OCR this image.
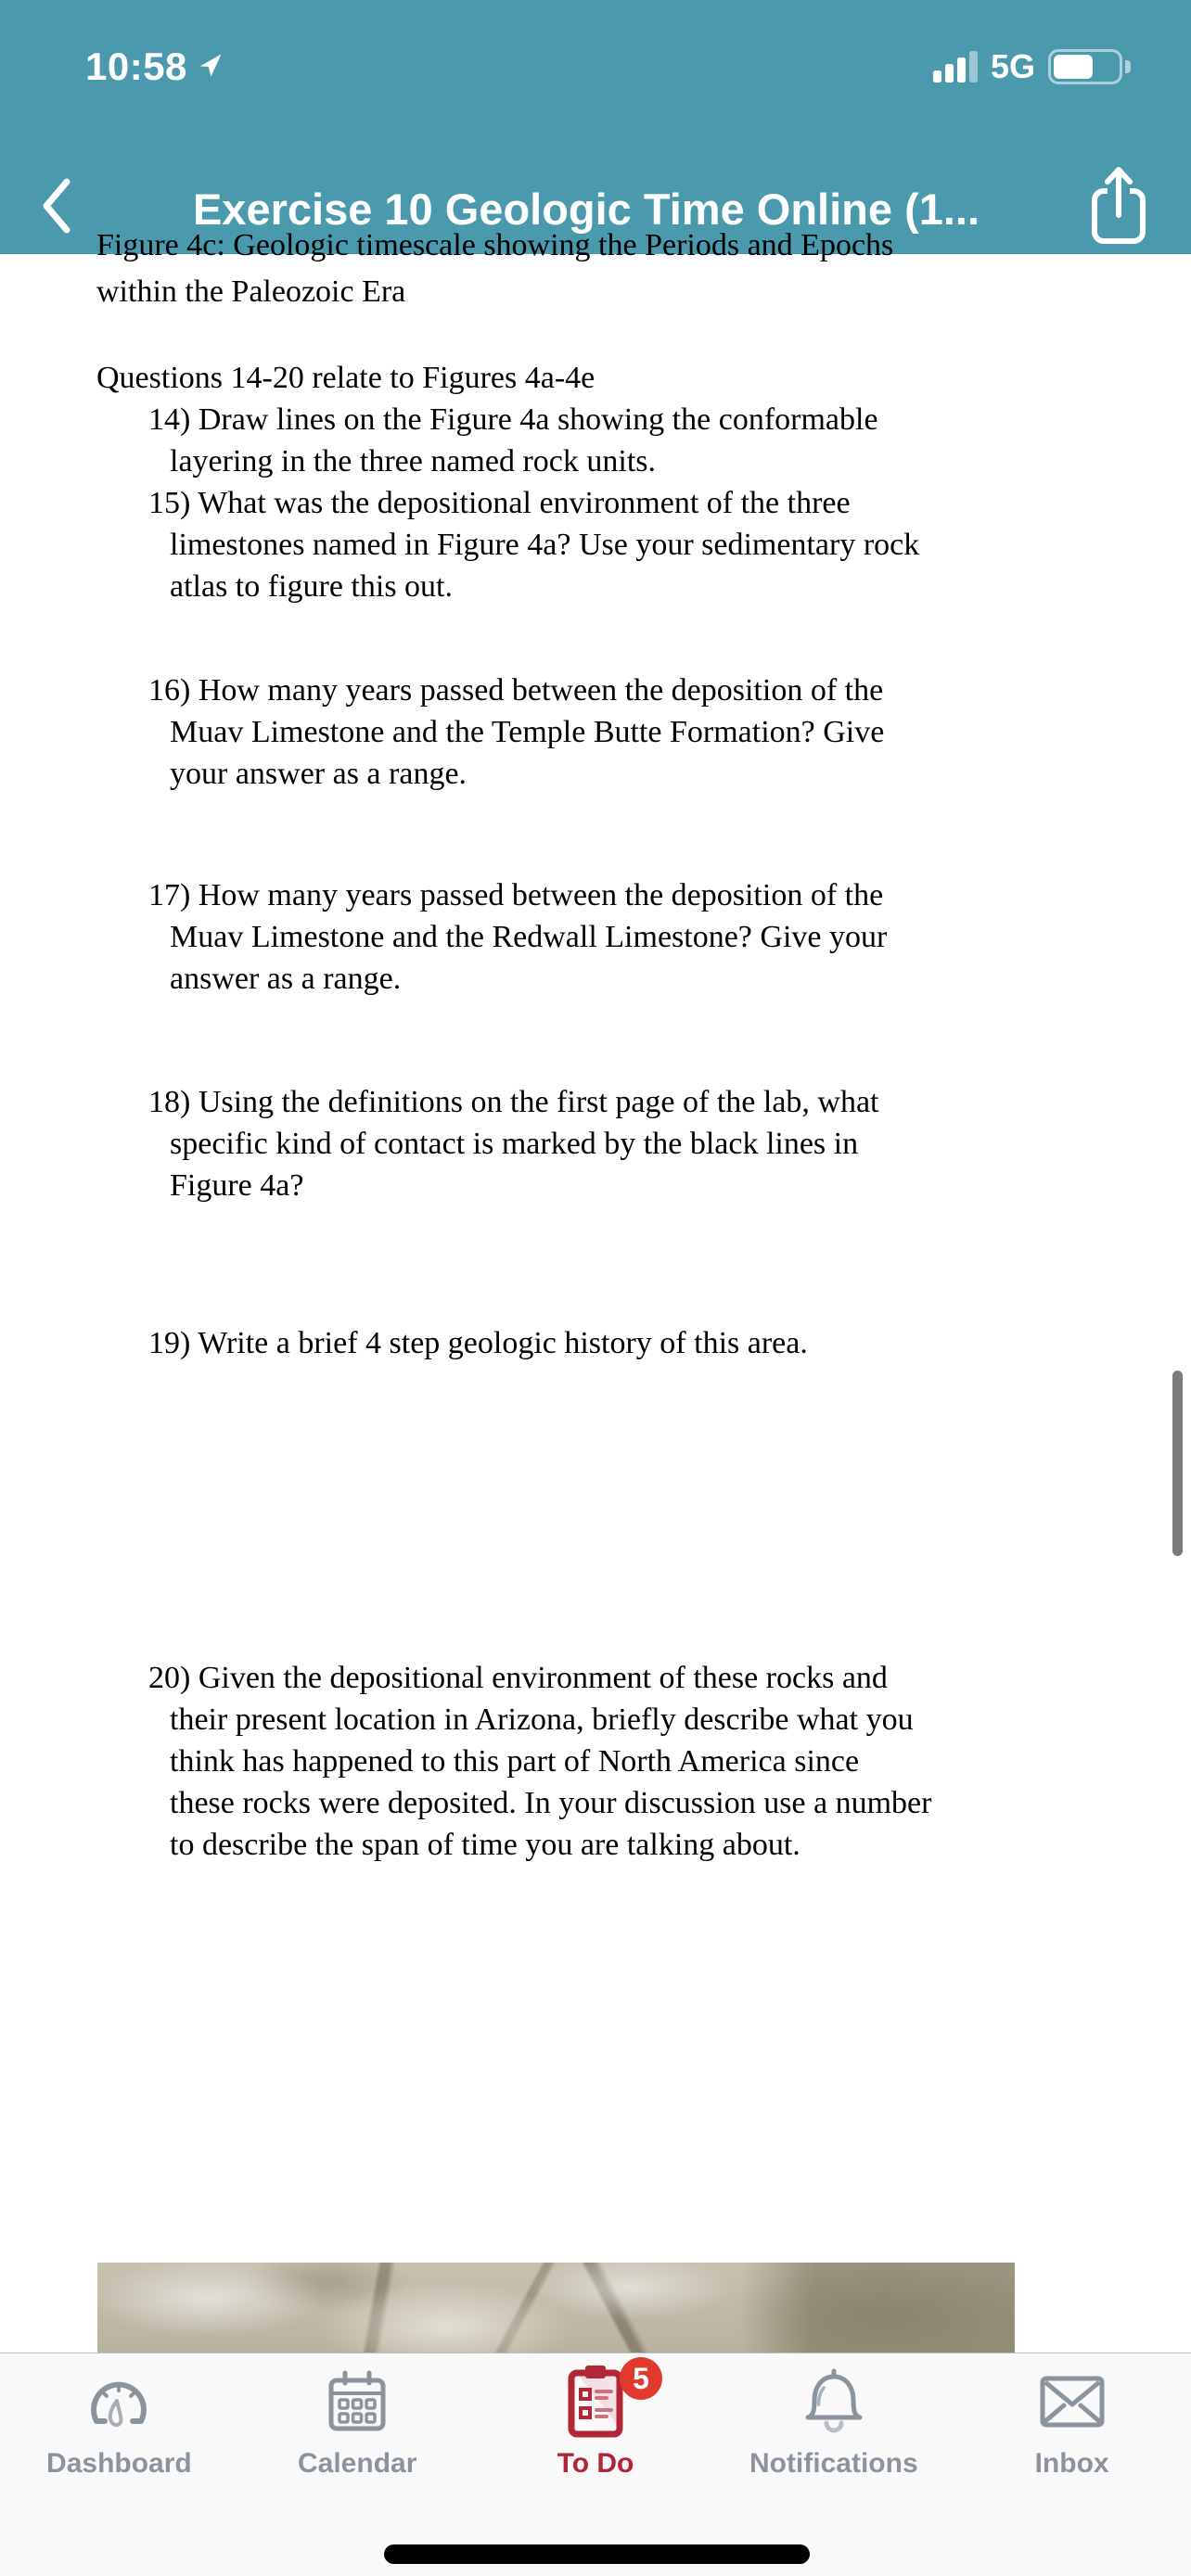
10:58	5G
Exercise 10 Geologic Time Online (1...
Figure 4c: Geologic timescale showing the Periods and Epochs
within the Paleozoic Era
Questions 14-20 relate to Figures 4a-4e
14) Draw lines on the Figure 4a showing the conformable
layering in the three named rock units.
15) What was the depositional environment of the three
limestones named in Figure 4a? Use your sedimentary rock
atlas to figure this out.
16) How many years passed between the deposition of the
Muav Limestone and the Temple Butte Formation? Give
your answer as a range.
17) How many years passed between the deposition of the
Muav Limestone and the Redwall Limestone? Give your
answer as a range.
18) Using the definitions on the first page of the lab, what
specific kind of contact is marked by the black lines in
Figure 4a?
19) Write a brief 4 step geologic history of this area.
20) Given the depositional environment of these rocks and
their present location in Arizona, briefly describe what you
think has happened to this part of North America since
these rocks were deposited. In your discussion use a number
to describe the span of time you are talking about.
Dashboard	Calendar
5
To Do	Notifications	Inbox
